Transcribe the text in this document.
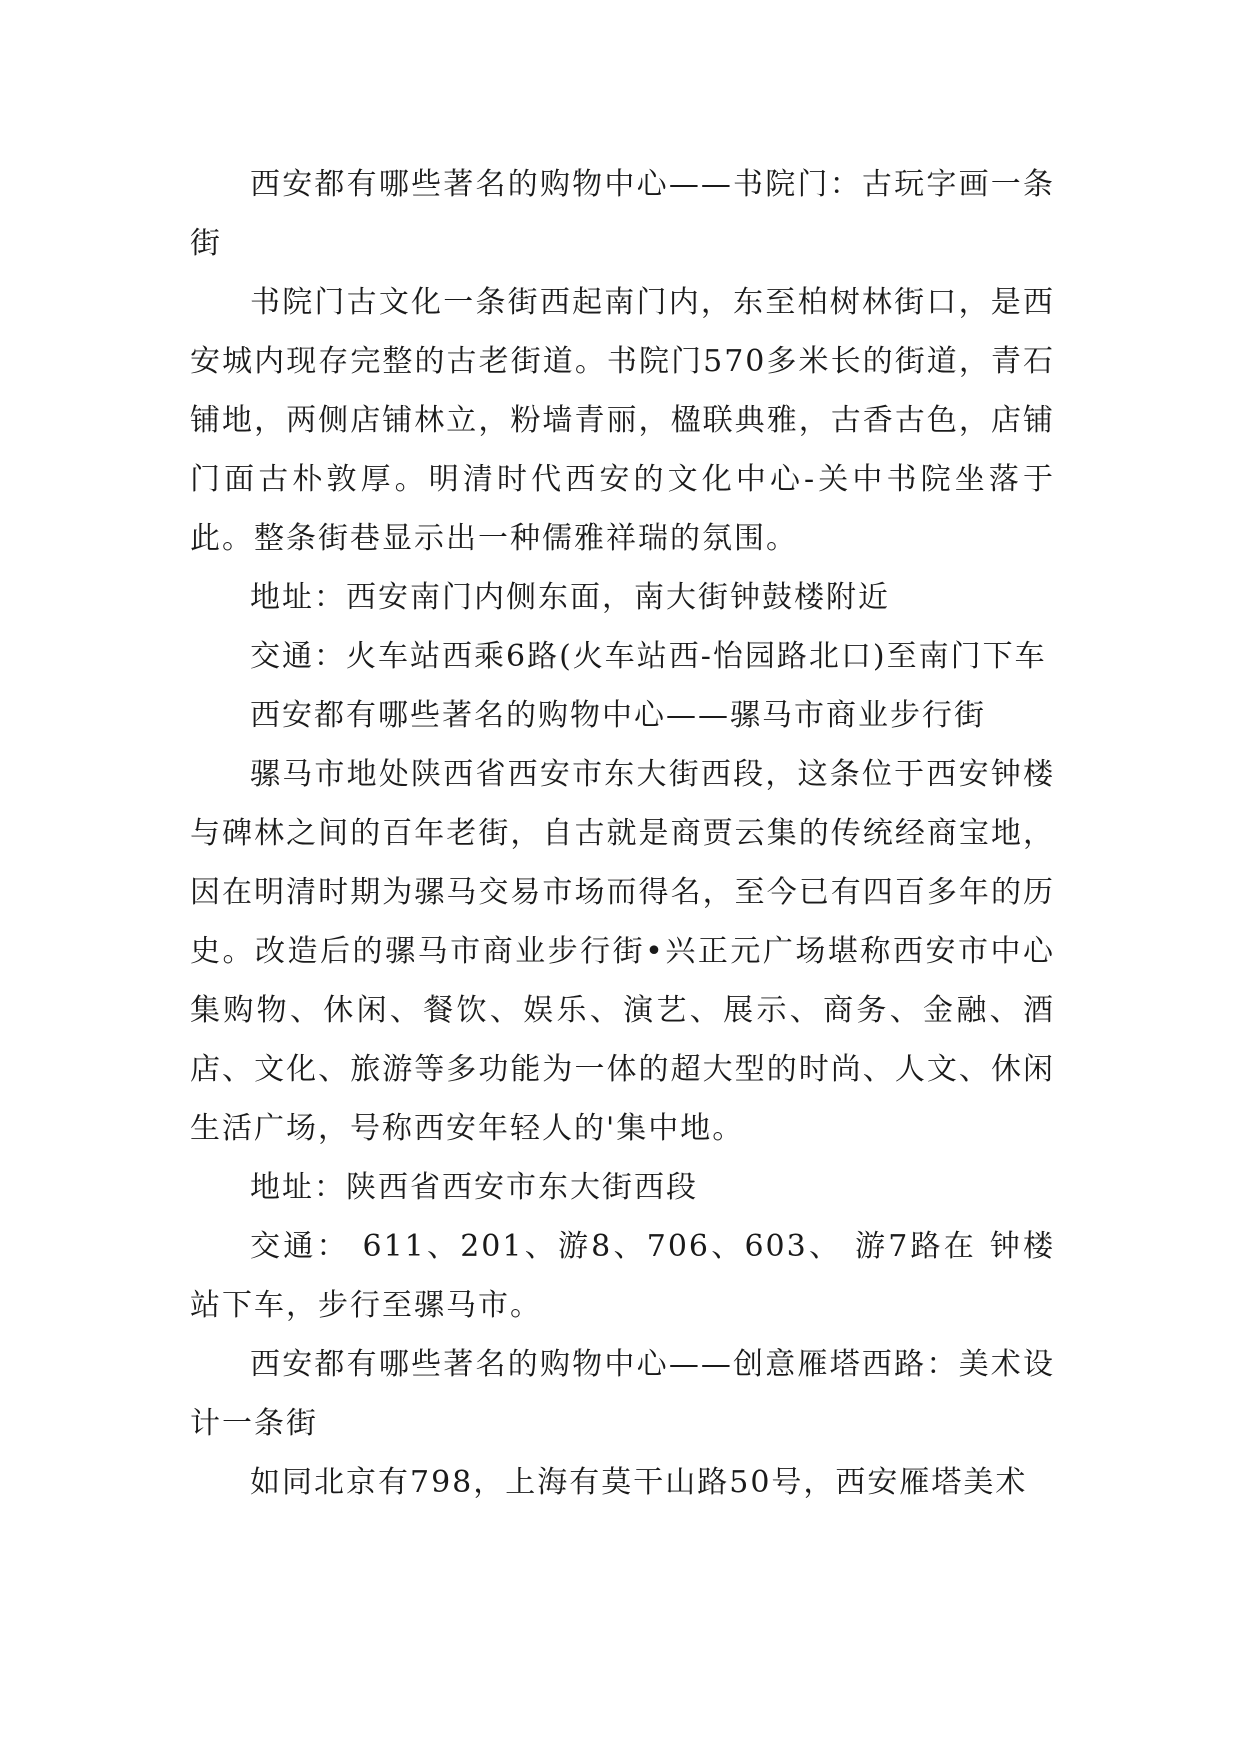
西安都有哪些著名的购物中心——书院门：古玩字画一条街

书院门古文化一条街西起南门内，东至柏树林街口，是西安城内现存完整的古老街道。书院门570多米长的街道，青石铺地，两侧店铺林立，粉墙青丽，楹联典雅，古香古色，店铺门面古朴敦厚。明清时代西安的文化中心-关中书院坐落于此。整条街巷显示出一种儒雅祥瑞的氛围。

地址：西安南门内侧东面，南大街钟鼓楼附近

交通：火车站西乘6路(火车站西-怡园路北口)至南门下车

西安都有哪些著名的购物中心——骡马市商业步行街

骡马市地处陕西省西安市东大街西段，这条位于西安钟楼与碑林之间的百年老街，自古就是商贾云集的传统经商宝地，因在明清时期为骡马交易市场而得名，至今已有四百多年的历史。改造后的骡马市商业步行街•兴正元广场堪称西安市中心集购物、休闲、餐饮、娱乐、演艺、展示、商务、金融、酒店、文化、旅游等多功能为一体的超大型的时尚、人文、休闲生活广场，号称西安年轻人的'集中地。

地址：陕西省西安市东大街西段

交通： 611、201、游8、706、603、 游7路在 钟楼站下车，步行至骡马市。

西安都有哪些著名的购物中心——创意雁塔西路：美术设计一条街

如同北京有798，上海有莫干山路50号，西安雁塔美术
